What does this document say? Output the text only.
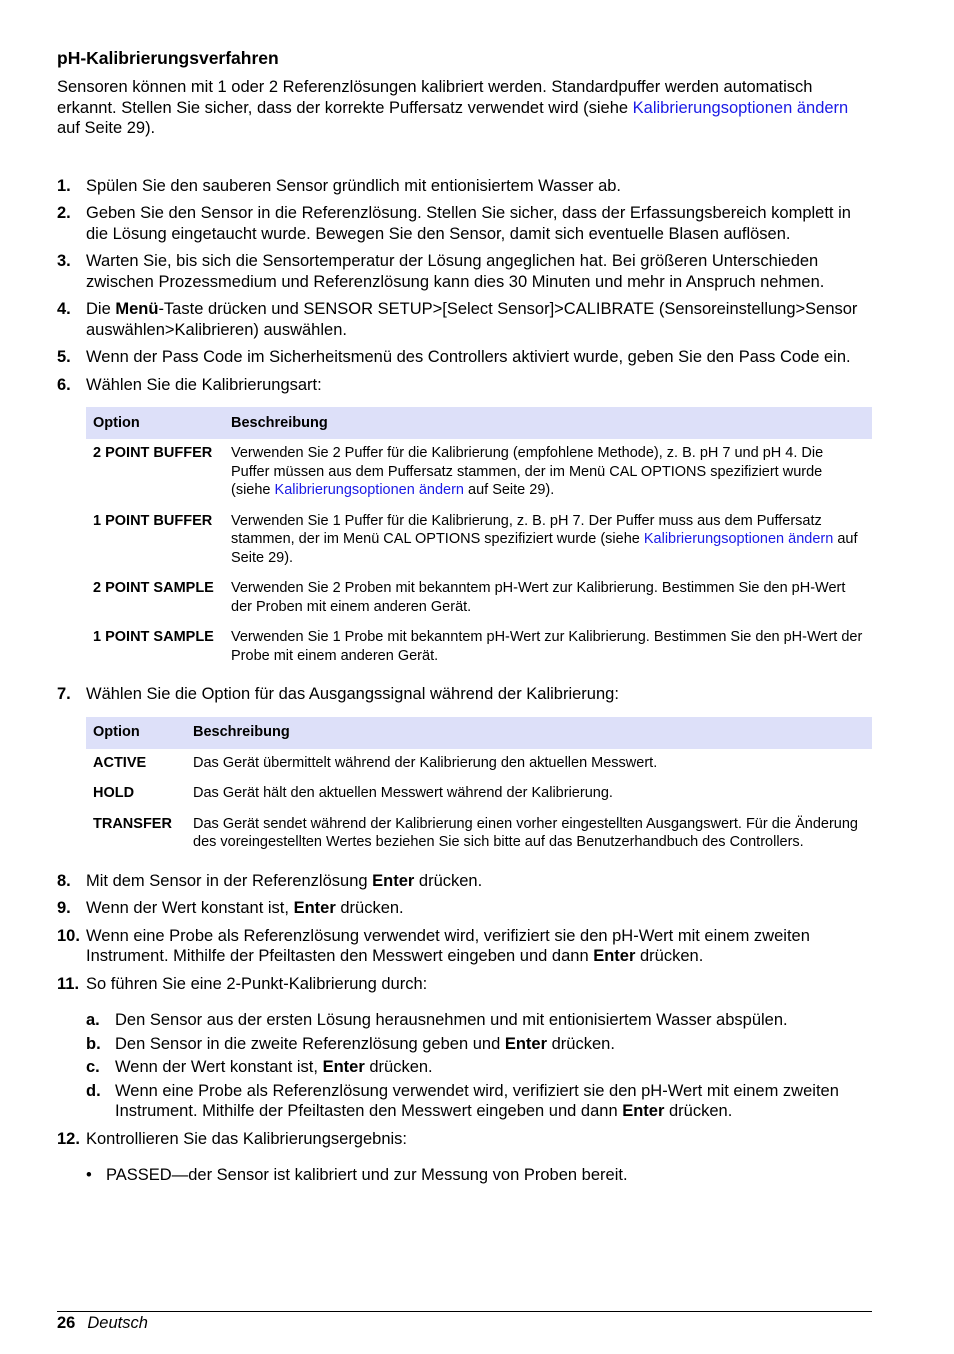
pH-Kalibrierungsverfahren

Sensoren können mit 1 oder 2 Referenzlösungen kalibriert werden. Standardpuffer werden automatisch erkannt. Stellen Sie sicher, dass der korrekte Puffersatz verwendet wird (siehe Kalibrierungsoptionen ändern auf Seite 29).

1. Spülen Sie den sauberen Sensor gründlich mit entionisiertem Wasser ab.
2. Geben Sie den Sensor in die Referenzlösung. Stellen Sie sicher, dass der Erfassungsbereich komplett in die Lösung eingetaucht wurde. Bewegen Sie den Sensor, damit sich eventuelle Blasen auflösen.
3. Warten Sie, bis sich die Sensortemperatur der Lösung angeglichen hat. Bei größeren Unterschieden zwischen Prozessmedium und Referenzlösung kann dies 30 Minuten und mehr in Anspruch nehmen.
4. Die Menü-Taste drücken und SENSOR SETUP>[Select Sensor]>CALIBRATE (Sensoreinstellung>Sensor auswählen>Kalibrieren) auswählen.
5. Wenn der Pass Code im Sicherheitsmenü des Controllers aktiviert wurde, geben Sie den Pass Code ein.
6. Wählen Sie die Kalibrierungsart:
Option	Beschreibung
2 POINT BUFFER	Verwenden Sie 2 Puffer für die Kalibrierung (empfohlene Methode), z. B. pH 7 und pH 4. Die Puffer müssen aus dem Puffersatz stammen, der im Menü CAL OPTIONS spezifiziert wurde (siehe Kalibrierungsoptionen ändern auf Seite 29).
1 POINT BUFFER	Verwenden Sie 1 Puffer für die Kalibrierung, z. B. pH 7. Der Puffer muss aus dem Puffersatz stammen, der im Menü CAL OPTIONS spezifiziert wurde (siehe Kalibrierungsoptionen ändern auf Seite 29).
2 POINT SAMPLE	Verwenden Sie 2 Proben mit bekanntem pH-Wert zur Kalibrierung. Bestimmen Sie den pH-Wert der Proben mit einem anderen Gerät.
1 POINT SAMPLE	Verwenden Sie 1 Probe mit bekanntem pH-Wert zur Kalibrierung. Bestimmen Sie den pH-Wert der Probe mit einem anderen Gerät.
7. Wählen Sie die Option für das Ausgangssignal während der Kalibrierung:
Option	Beschreibung
ACTIVE	Das Gerät übermittelt während der Kalibrierung den aktuellen Messwert.
HOLD	Das Gerät hält den aktuellen Messwert während der Kalibrierung.
TRANSFER	Das Gerät sendet während der Kalibrierung einen vorher eingestellten Ausgangswert. Für die Änderung des voreingestellten Wertes beziehen Sie sich bitte auf das Benutzerhandbuch des Controllers.
8. Mit dem Sensor in der Referenzlösung Enter drücken.
9. Wenn der Wert konstant ist, Enter drücken.
10. Wenn eine Probe als Referenzlösung verwendet wird, verifiziert sie den pH-Wert mit einem zweiten Instrument. Mithilfe der Pfeiltasten den Messwert eingeben und dann Enter drücken.
11. So führen Sie eine 2-Punkt-Kalibrierung durch:
a. Den Sensor aus der ersten Lösung herausnehmen und mit entionisiertem Wasser abspülen.
b. Den Sensor in die zweite Referenzlösung geben und Enter drücken.
c. Wenn der Wert konstant ist, Enter drücken.
d. Wenn eine Probe als Referenzlösung verwendet wird, verifiziert sie den pH-Wert mit einem zweiten Instrument. Mithilfe der Pfeiltasten den Messwert eingeben und dann Enter drücken.
12. Kontrollieren Sie das Kalibrierungsergebnis:
• PASSED—der Sensor ist kalibriert und zur Messung von Proben bereit.
26 Deutsch
